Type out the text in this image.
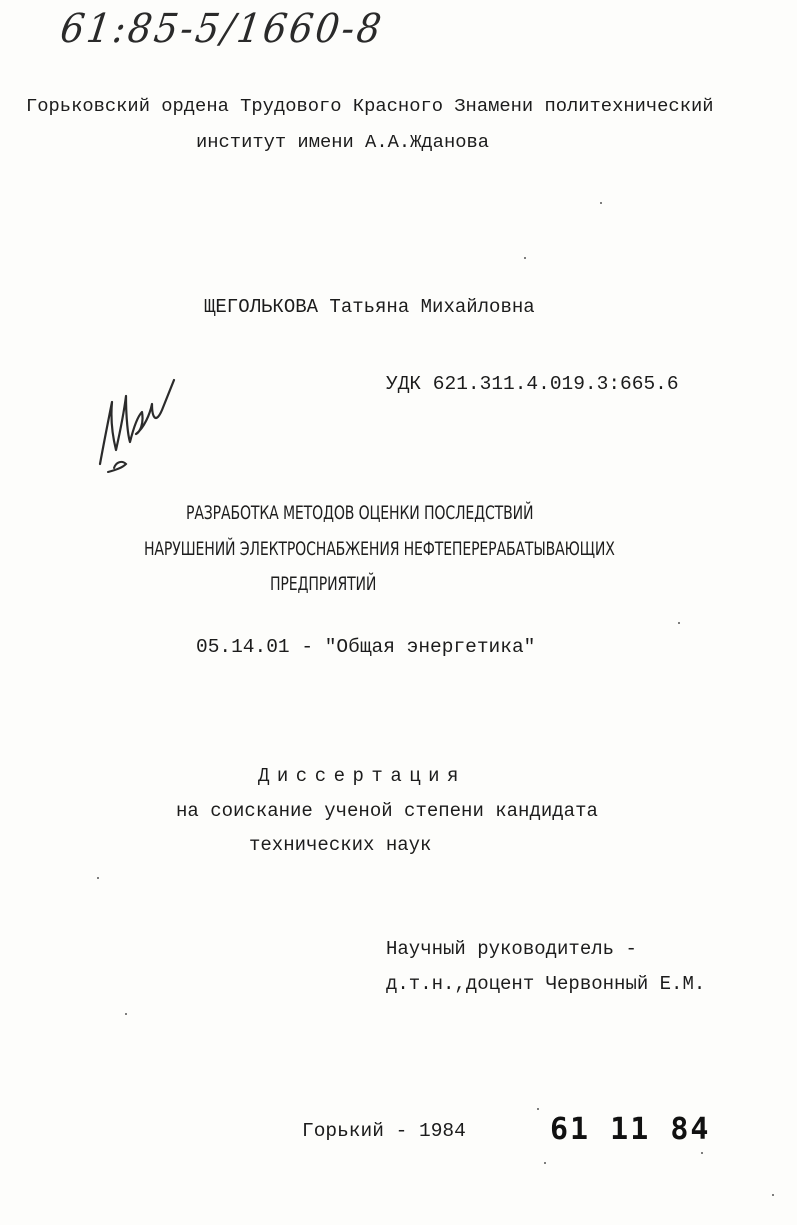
61:85-5/1660-8
Горьковский ордена Трудового Красного Знамени политехнический
институт имени А.А.Жданова
ЩЕГОЛЬКОВА Татьяна Михайловна
УДК 621.311.4.019.3:665.6
РАЗРАБОТКА МЕТОДОВ ОЦЕНКИ ПОСЛЕДСТВИЙ
НАРУШЕНИЙ ЭЛЕКТРОСНАБЖЕНИЯ НЕФТЕПЕРЕРАБАТЫВАЮЩИХ
ПРЕДПРИЯТИЙ
05.14.01 - "Общая энергетика"
Диссертация
на соискание ученой степени кандидата
технических наук
Научный руководитель -
д.т.н.,доцент Червонный Е.М.
Горький - 1984	61 11 84
